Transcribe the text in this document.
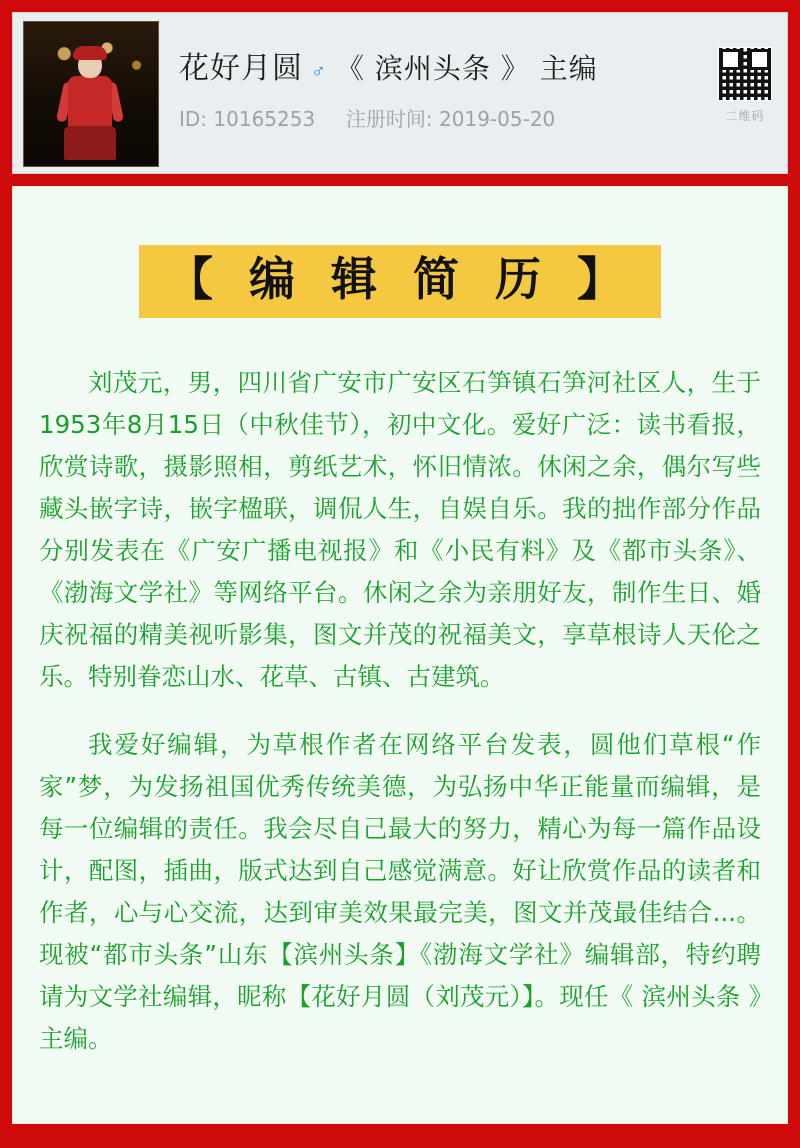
花好月圆 ♂ 《 滨州头条 》 主编
ID: 10165253 注册时间: 2019-05-20	二维码
【 编 辑 简 历 】

刘茂元，男，四川省广安市广安区石笋镇石笋河社区人，生于1953年8月15日（中秋佳节），初中文化。爱好广泛：读书看报，欣赏诗歌，摄影照相，剪纸艺术，怀旧情浓。休闲之余，偶尔写些藏头嵌字诗，嵌字楹联，调侃人生，自娱自乐。我的拙作部分作品分别发表在《广安广播电视报》和《小民有料》及《都市头条》、《渤海文学社》等网络平台。休闲之余为亲朋好友，制作生日、婚庆祝福的精美视听影集，图文并茂的祝福美文，享草根诗人天伦之乐。特别眷恋山水、花草、古镇、古建筑。

我爱好编辑，为草根作者在网络平台发表，圆他们草根“作家”梦，为发扬祖国优秀传统美德，为弘扬中华正能量而编辑，是每一位编辑的责任。我会尽自己最大的努力，精心为每一篇作品设计，配图，插曲，版式达到自己感觉满意。好让欣赏作品的读者和作者，心与心交流，达到审美效果最完美，图文并茂最佳结合...。现被“都市头条”山东【滨州头条】《渤海文学社》编辑部，特约聘请为文学社编辑，昵称【花好月圆（刘茂元）】。现任《 滨州头条 》主编。
